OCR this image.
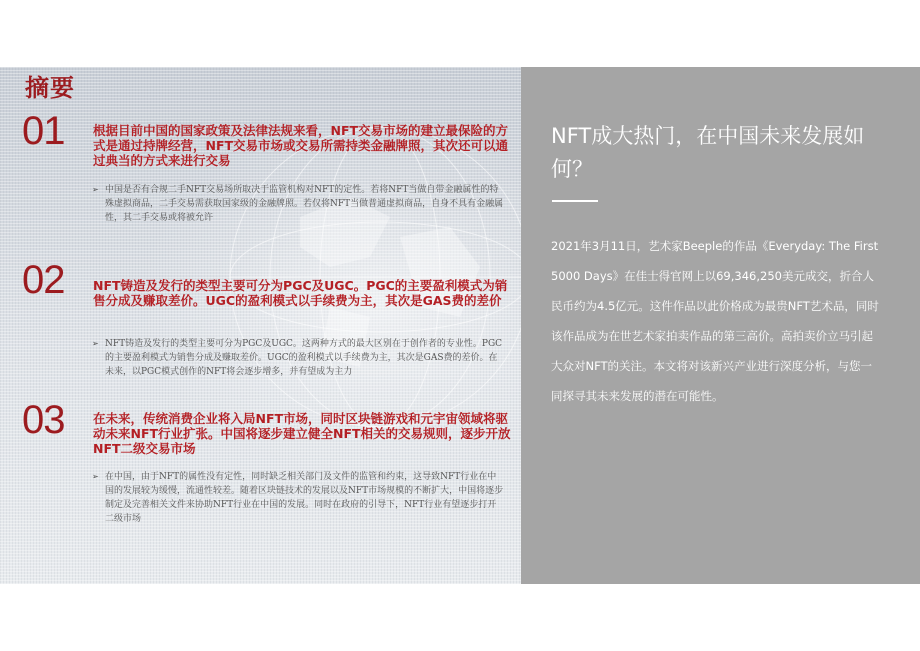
摘要
01 根据目前中国的国家政策及法律法规来看，NFT交易市场的建立最保险的方式是通过持牌经营，NFT交易市场或交易所需持类金融牌照，其次还可以通过典当的方式来进行交易
➢ 中国是否有合规二手NFT交易场所取决于监管机构对NFT的定性。若将NFT当做自带金融属性的特殊虚拟商品，二手交易需获取国家级的金融牌照。若仅将NFT当做普通虚拟商品，自身不具有金融属性，其二手交易或将被允许
02 NFT铸造及发行的类型主要可分为PGC及UGC。PGC的主要盈利模式为销售分成及赚取差价。UGC的盈利模式以手续费为主，其次是GAS费的差价
➢ NFT铸造及发行的类型主要可分为PGC及UGC。这两种方式的最大区别在于创作者的专业性。PGC的主要盈利模式为销售分成及赚取差价。UGC的盈利模式以手续费为主，其次是GAS费的差价。在未来，以PGC模式创作的NFT将会逐步增多，并有望成为主力
03 在未来，传统消费企业将入局NFT市场，同时区块链游戏和元宇宙领域将驱动未来NFT行业扩张。中国将逐步建立健全NFT相关的交易规则，逐步开放NFT二级交易市场
➢ 在中国，由于NFT的属性没有定性，同时缺乏相关部门及文件的监管和约束，这导致NFT行业在中国的发展较为缓慢，流通性较差。随着区块链技术的发展以及NFT市场规模的不断扩大，中国将逐步制定及完善相关文件来协助NFT行业在中国的发展。同时在政府的引导下，NFT行业有望逐步打开二级市场
NFT成大热门，在中国未来发展如何？
2021年3月11日，艺术家Beeple的作品《Everyday: The First 5000 Days》在佳士得官网上以69,346,250美元成交，折合人民币约为4.5亿元。这件作品以此价格成为最贵NFT艺术品，同时该作品成为在世艺术家拍卖作品的第三高价。高拍卖价立马引起大众对NFT的关注。本文将对该新兴产业进行深度分析，与您一同探寻其未来发展的潜在可能性。
